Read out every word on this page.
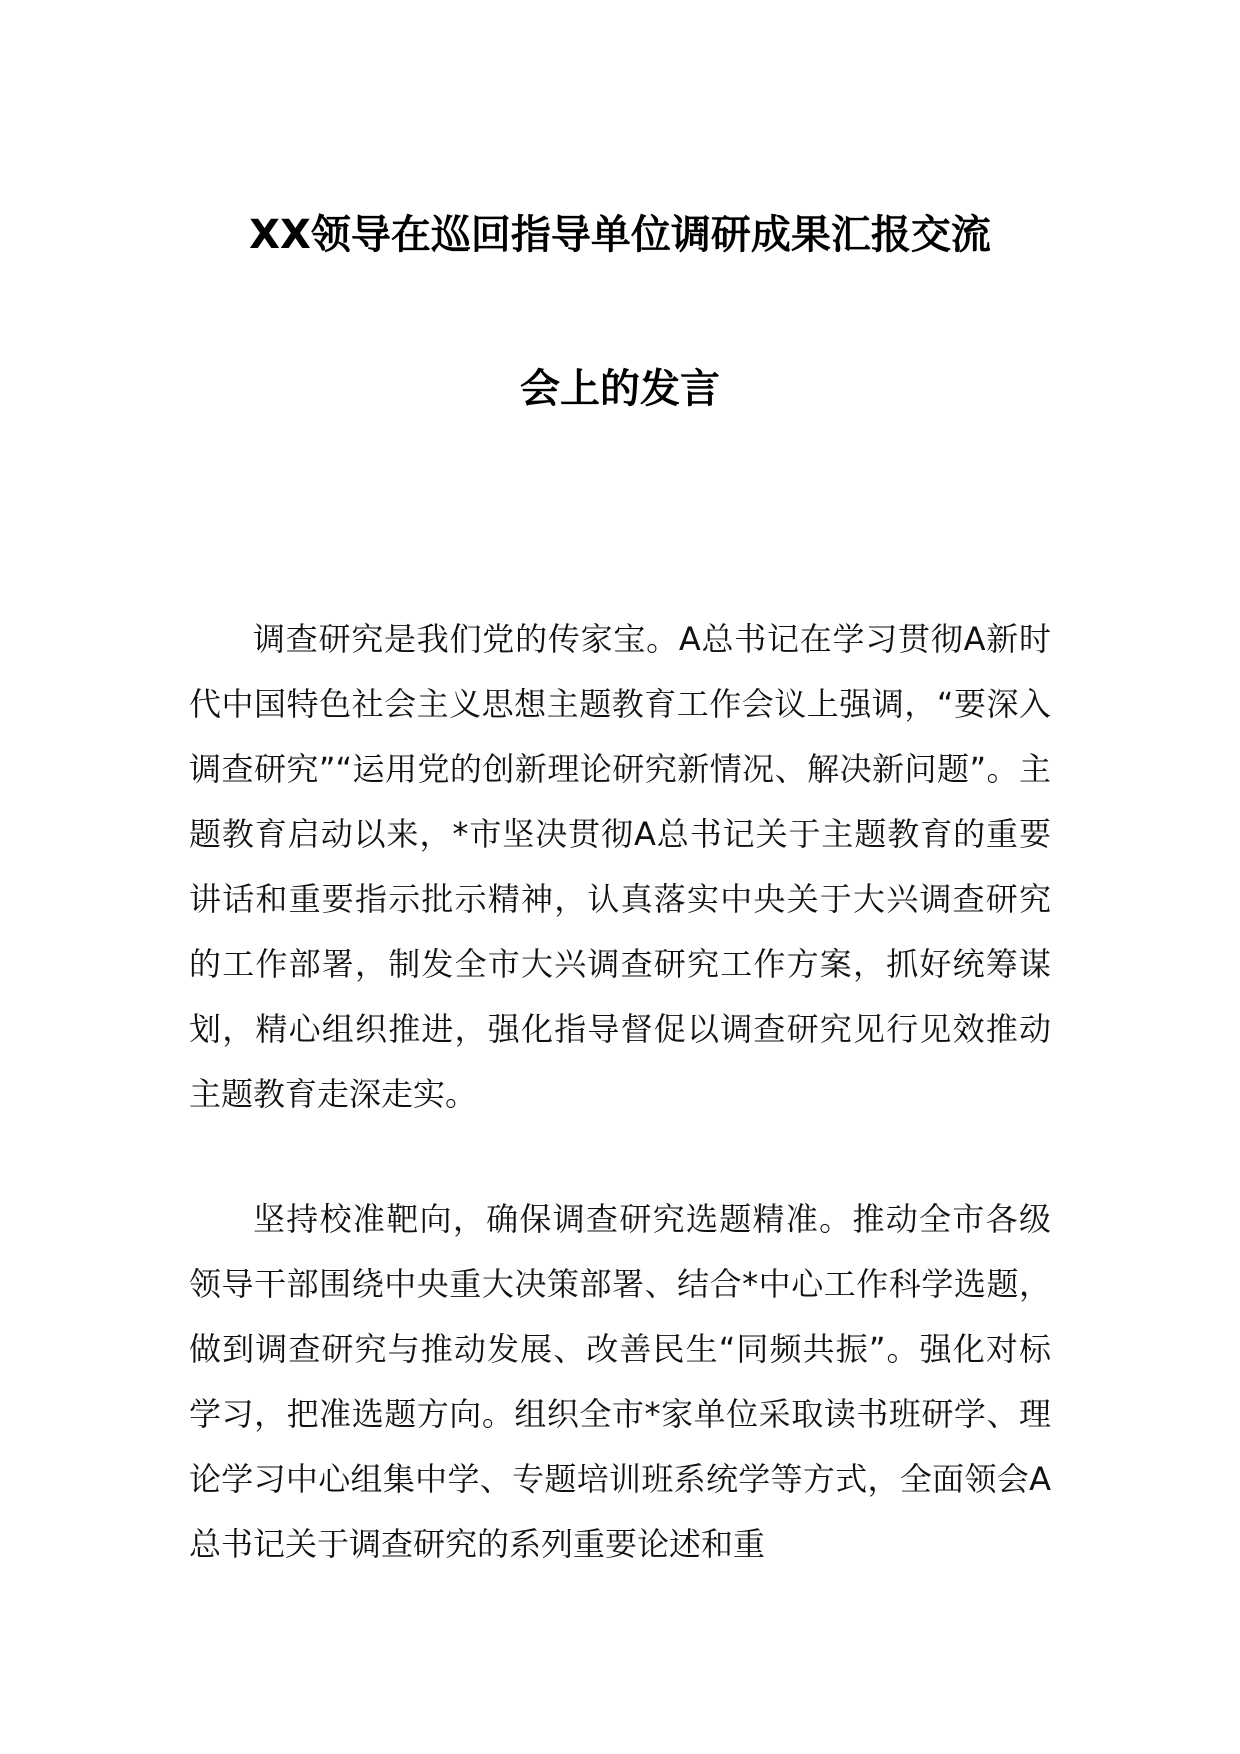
XX领导在巡回指导单位调研成果汇报交流
会上的发言

调查研究是我们党的传家宝。A总书记在学习贯彻A新时代中国特色社会主义思想主题教育工作会议上强调，“要深入调查研究”“运用党的创新理论研究新情况、解决新问题”。主题教育启动以来，*市坚决贯彻A总书记关于主题教育的重要讲话和重要指示批示精神，认真落实中央关于大兴调查研究的工作部署，制发全市大兴调查研究工作方案，抓好统筹谋划，精心组织推进，强化指导督促以调查研究见行见效推动主题教育走深走实。

坚持校准靶向，确保调查研究选题精准。推动全市各级领导干部围绕中央重大决策部署、结合*中心工作科学选题，做到调查研究与推动发展、改善民生“同频共振”。强化对标学习，把准选题方向。组织全市*家单位采取读书班研学、理论学习中心组集中学、专题培训班系统学等方式，全面领会A总书记关于调查研究的系列重要论述和重
